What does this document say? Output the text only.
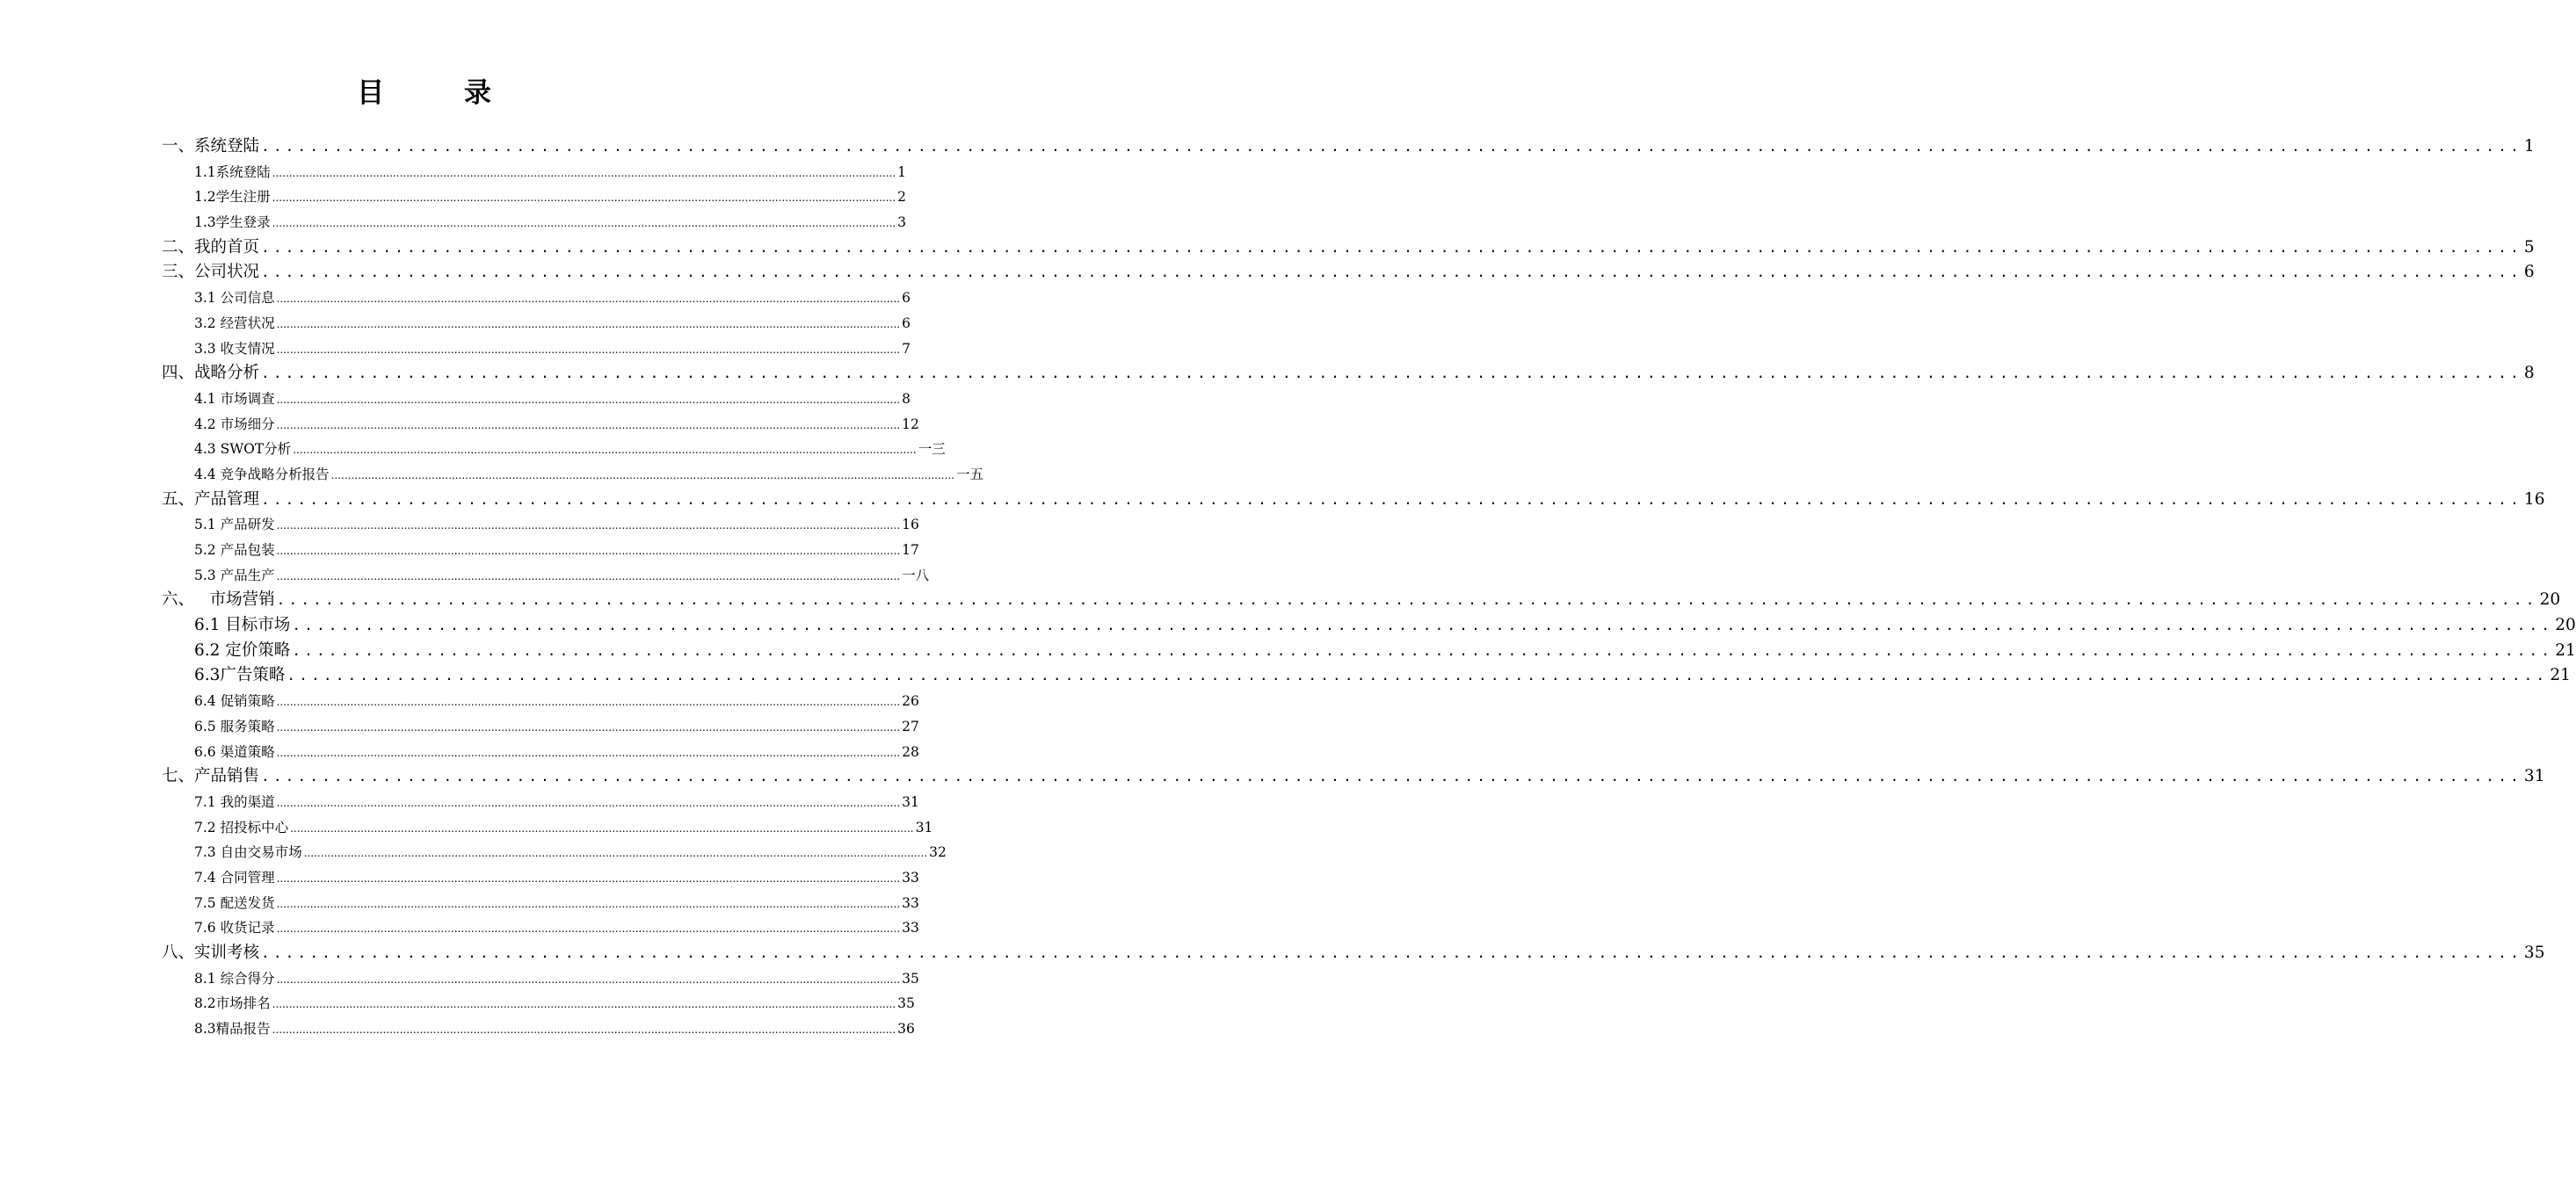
目 录
一、系统登陆 .......................................................................................................................................................................................... 1
1.1系统登陆 .......................................................................................................................................................................................... 1
1.2学生注册 .......................................................................................................................................................................................... 2
1.3学生登录 .......................................................................................................................................................................................... 3
二、我的首页 .......................................................................................................................................................................................... 5
三、公司状况 .......................................................................................................................................................................................... 6
3.1 公司信息 .......................................................................................................................................................................................... 6
3.2 经营状况 .......................................................................................................................................................................................... 6
3.3 收支情况 .......................................................................................................................................................................................... 7
四、战略分析 .......................................................................................................................................................................................... 8
4.1 市场调查 .......................................................................................................................................................................................... 8
4.2 市场细分 .......................................................................................................................................................................................... 12
4.3 SWOT分析 .......................................................................................................................................................................................... 一三
4.4 竞争战略分析报告 .......................................................................................................................................................................................... 一五
五、产品管理 .......................................................................................................................................................................................... 16
5.1 产品研发 .......................................................................................................................................................................................... 16
5.2 产品包装 .......................................................................................................................................................................................... 17
5.3 产品生产 .......................................................................................................................................................................................... 一八
六、   市场营销 .......................................................................................................................................................................................... 20
6.1 目标市场 .......................................................................................................................................................................................... 20
6.2 定价策略 .......................................................................................................................................................................................... 21
6.3广告策略 .......................................................................................................................................................................................... 21
6.4 促销策略 .......................................................................................................................................................................................... 26
6.5 服务策略 .......................................................................................................................................................................................... 27
6.6 渠道策略 .......................................................................................................................................................................................... 28
七、产品销售 .......................................................................................................................................................................................... 31
7.1 我的渠道 .......................................................................................................................................................................................... 31
7.2 招投标中心 .......................................................................................................................................................................................... 31
7.3 自由交易市场 .......................................................................................................................................................................................... 32
7.4 合同管理 .......................................................................................................................................................................................... 33
7.5 配送发货 .......................................................................................................................................................................................... 33
7.6 收货记录 .......................................................................................................................................................................................... 33
八、实训考核 .......................................................................................................................................................................................... 35
8.1 综合得分 .......................................................................................................................................................................................... 35
8.2市场排名 .......................................................................................................................................................................................... 35
8.3精品报告 .......................................................................................................................................................................................... 36
